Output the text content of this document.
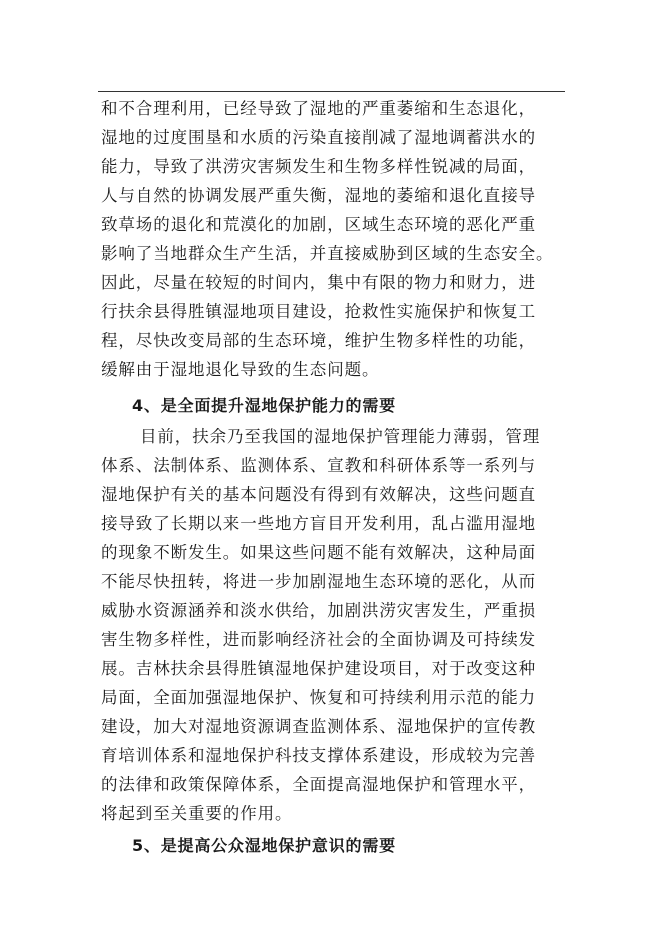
和不合理利用，已经导致了湿地的严重萎缩和生态退化，
湿地的过度围垦和水质的污染直接削减了湿地调蓄洪水的
能力，导致了洪涝灾害频发生和生物多样性锐减的局面，
人与自然的协调发展严重失衡，湿地的萎缩和退化直接导
致草场的退化和荒漠化的加剧，区域生态环境的恶化严重
影响了当地群众生产生活，并直接威胁到区域的生态安全。
因此，尽量在较短的时间内，集中有限的物力和财力，进
行扶余县得胜镇湿地项目建设，抢救性实施保护和恢复工
程，尽快改变局部的生态环境，维护生物多样性的功能，
缓解由于湿地退化导致的生态问题。
4、是全面提升湿地保护能力的需要
目前，扶余乃至我国的湿地保护管理能力薄弱，管理
体系、法制体系、监测体系、宣教和科研体系等一系列与
湿地保护有关的基本问题没有得到有效解决，这些问题直
接导致了长期以来一些地方盲目开发利用，乱占滥用湿地
的现象不断发生。如果这些问题不能有效解决，这种局面
不能尽快扭转，将进一步加剧湿地生态环境的恶化，从而
威胁水资源涵养和淡水供给，加剧洪涝灾害发生，严重损
害生物多样性，进而影响经济社会的全面协调及可持续发
展。吉林扶余县得胜镇湿地保护建设项目，对于改变这种
局面，全面加强湿地保护、恢复和可持续利用示范的能力
建设，加大对湿地资源调查监测体系、湿地保护的宣传教
育培训体系和湿地保护科技支撑体系建设，形成较为完善
的法律和政策保障体系，全面提高湿地保护和管理水平，
将起到至关重要的作用。
5、是提高公众湿地保护意识的需要
